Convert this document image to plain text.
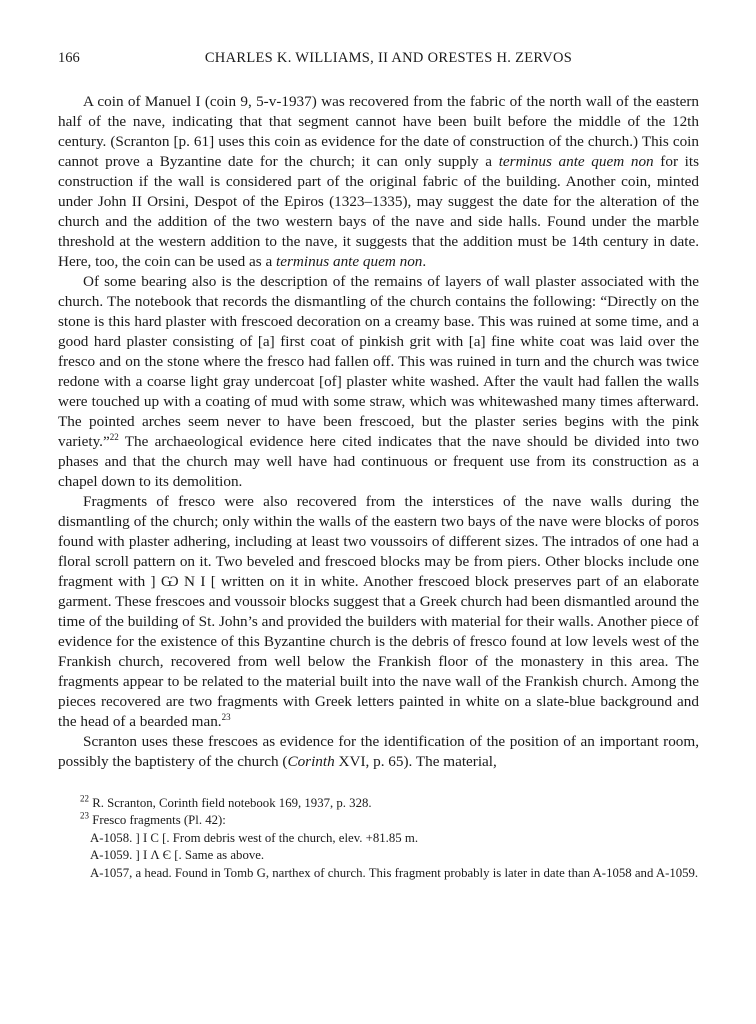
166	CHARLES K. WILLIAMS, II AND ORESTES H. ZERVOS

A coin of Manuel I (coin 9, 5-v-1937) was recovered from the fabric of the north wall of the eastern half of the nave, indicating that that segment cannot have been built before the middle of the 12th century. (Scranton [p. 61] uses this coin as evidence for the date of construction of the church.) This coin cannot prove a Byzantine date for the church; it can only supply a terminus ante quem non for its construction if the wall is considered part of the original fabric of the building. Another coin, minted under John II Orsini, Despot of the Epiros (1323–1335), may suggest the date for the alteration of the church and the addition of the two western bays of the nave and side halls. Found under the marble threshold at the western addition to the nave, it suggests that the addition must be 14th century in date. Here, too, the coin can be used as a terminus ante quem non.

Of some bearing also is the description of the remains of layers of wall plaster associated with the church. The notebook that records the dismantling of the church contains the following: “Directly on the stone is this hard plaster with frescoed decoration on a creamy base. This was ruined at some time, and a good hard plaster consisting of [a] first coat of pinkish grit with [a] fine white coat was laid over the fresco and on the stone where the fresco had fallen off. This was ruined in turn and the church was twice redone with a coarse light gray undercoat [of] plaster white washed. After the vault had fallen the walls were touched up with a coating of mud with some straw, which was whitewashed many times afterward. The pointed arches seem never to have been frescoed, but the plaster series begins with the pink variety.”$^{22}$ The archaeological evidence here cited indicates that the nave should be divided into two phases and that the church may well have had continuous or frequent use from its construction as a chapel down to its demolition.

Fragments of fresco were also recovered from the interstices of the nave walls during the dismantling of the church; only within the walls of the eastern two bays of the nave were blocks of poros found with plaster adhering, including at least two voussoirs of different sizes. The intrados of one had a floral scroll pattern on it. Two beveled and frescoed blocks may be from piers. Other blocks include one fragment with ] Ѡ N I [ written on it in white. Another frescoed block preserves part of an elaborate garment. These frescoes and voussoir blocks suggest that a Greek church had been dismantled around the time of the building of St. John’s and provided the builders with material for their walls. Another piece of evidence for the existence of this Byzantine church is the debris of fresco found at low levels west of the Frankish church, recovered from well below the Frankish floor of the monastery in this area. The fragments appear to be related to the material built into the nave wall of the Frankish church. Among the pieces recovered are two fragments with Greek letters painted in white on a slate-blue background and the head of a bearded man.$^{23}$

Scranton uses these frescoes as evidence for the identification of the position of an important room, possibly the baptistery of the church (Corinth XVI, p. 65). The material,

$^{22}$ R. Scranton, Corinth field notebook 169, 1937, p. 328.

$^{23}$ Fresco fragments (Pl. 42):

A-1058. ] I C [. From debris west of the church, elev. +81.85 m.

A-1059. ] I Λ Є [. Same as above.

A-1057, a head. Found in Tomb G, narthex of church. This fragment probably is later in date than A-1058 and A-1059.
